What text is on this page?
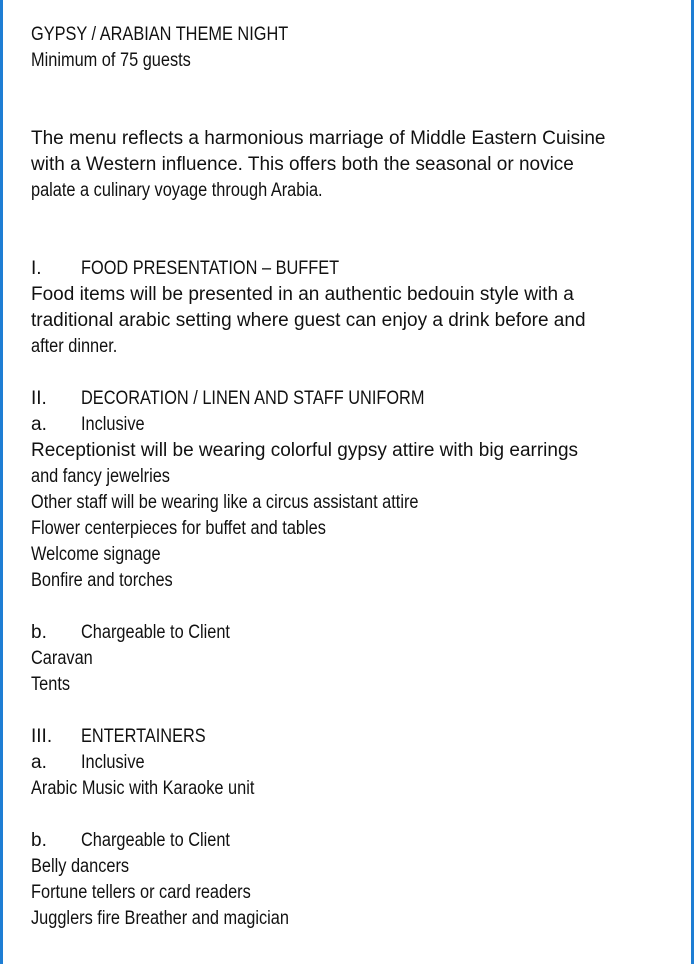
GYPSY / ARABIAN THEME NIGHT
Minimum of 75 guests
The menu reflects a harmonious marriage of Middle Eastern Cuisine
with a Western influence. This offers both the seasonal or novice
palate a culinary voyage through Arabia.
I.	FOOD PRESENTATION – BUFFET
Food items will be presented in an authentic bedouin style with a
traditional arabic setting where guest can enjoy a drink before and
after dinner.
II.	DECORATION / LINEN AND STAFF UNIFORM
a.	Inclusive
Receptionist will be wearing colorful gypsy attire with big earrings
and fancy jewelries
Other staff will be wearing like a circus assistant attire
Flower centerpieces for buffet and tables
Welcome signage
Bonfire and torches
b.	Chargeable to Client
Caravan
Tents
III.	ENTERTAINERS
a.	Inclusive
Arabic Music with Karaoke unit
b.	Chargeable to Client
Belly dancers
Fortune tellers or card readers
Jugglers fire Breather and magician
